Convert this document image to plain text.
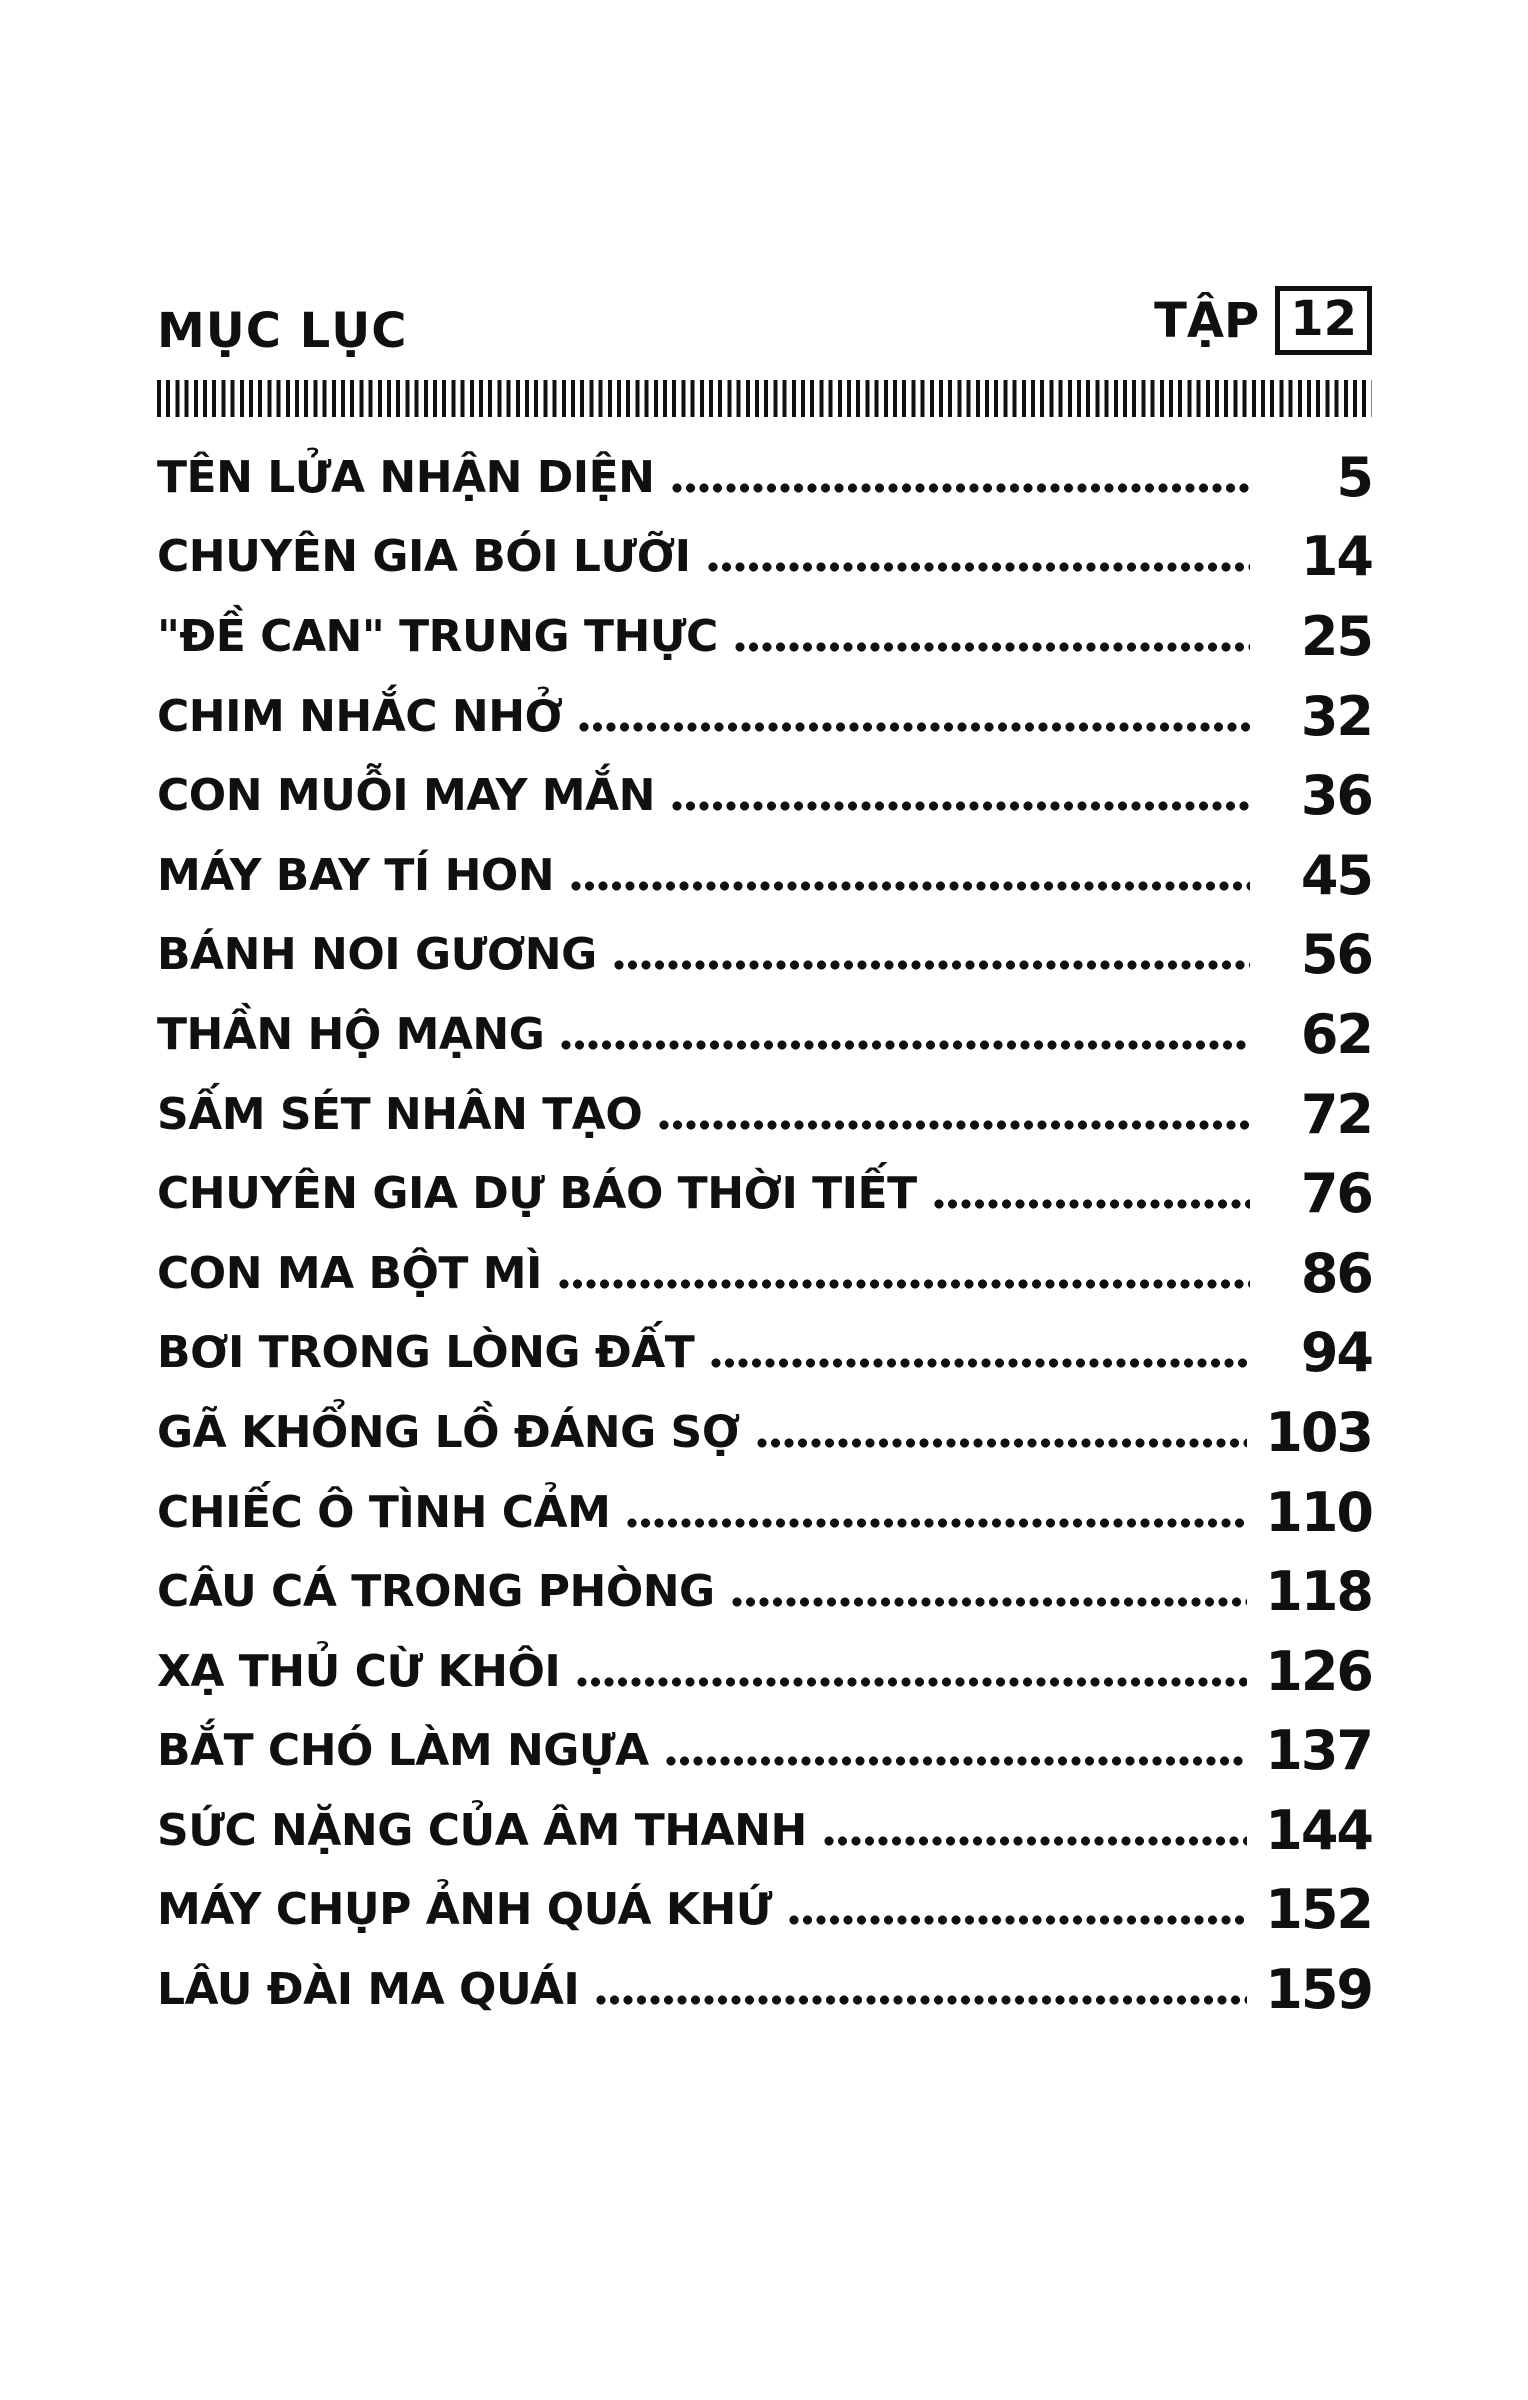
MỤC LỤC	TẬP 12
TÊN LỬA NHẬN DIỆN	5
CHUYÊN GIA BÓI LƯỠI	14
"ĐỀ CAN" TRUNG THỰC	25
CHIM NHẮC NHỞ	32
CON MUỖI MAY MẮN	36
MÁY BAY TÍ HON	45
BÁNH NOI GƯƠNG	56
THẦN HỘ MẠNG	62
SẤM SÉT NHÂN TẠO	72
CHUYÊN GIA DỰ BÁO THỜI TIẾT	76
CON MA BỘT MÌ	86
BƠI TRONG LÒNG ĐẤT	94
GÃ KHỔNG LỒ ĐÁNG SỢ	103
CHIẾC Ô TÌNH CẢM	110
CÂU CÁ TRONG PHÒNG	118
XẠ THỦ CỪ KHÔI	126
BẮT CHÓ LÀM NGỰA	137
SỨC NẶNG CỦA ÂM THANH	144
MÁY CHỤP ẢNH QUÁ KHỨ	152
LÂU ĐÀI MA QUÁI	159
